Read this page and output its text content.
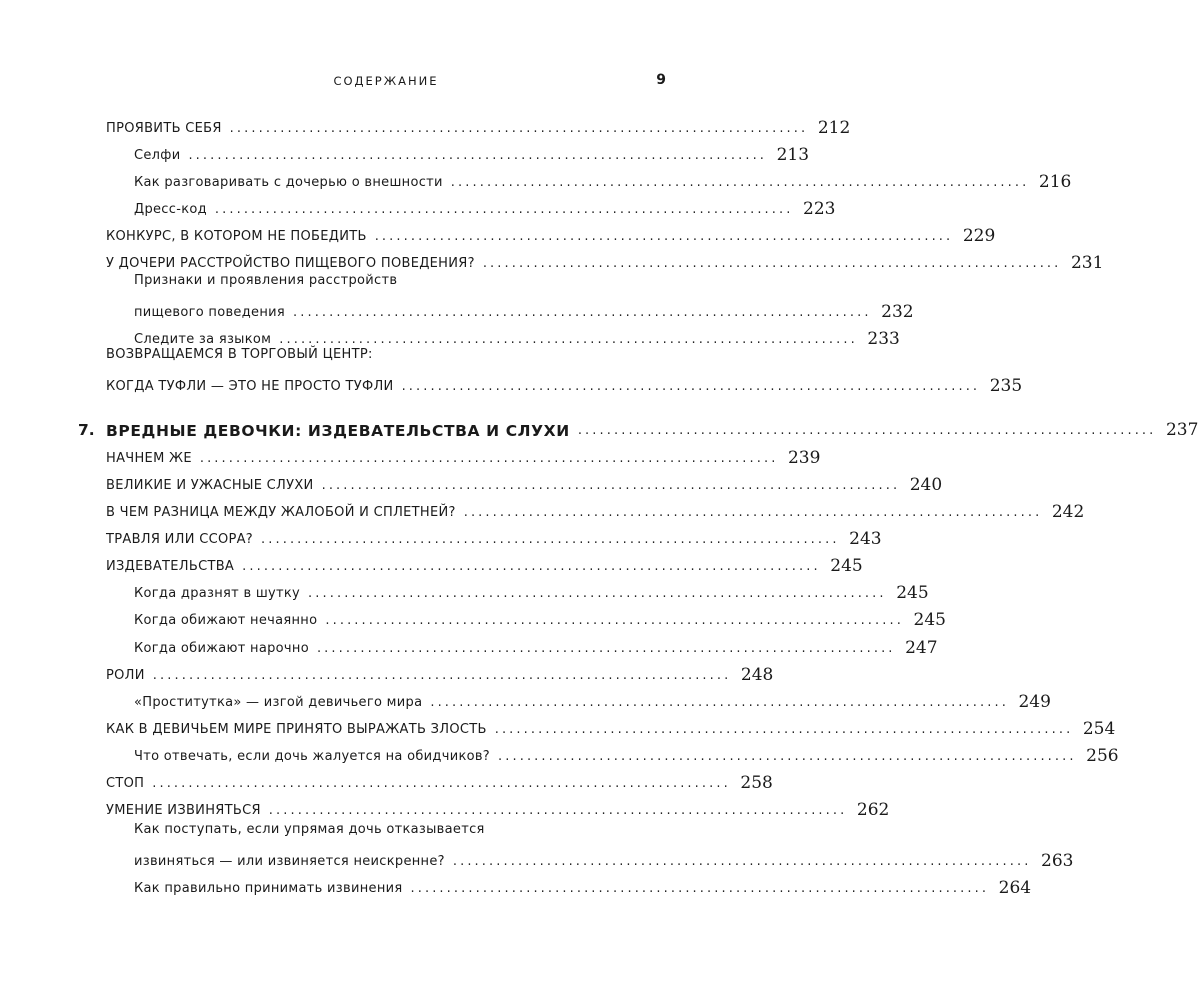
СОДЕРЖАНИЕ	9
ПРОЯВИТЬ СЕБЯ ................................................................................ 212
Селфи ................................................................................ 213
Как разговаривать с дочерью о внешности ................................................................................ 216
Дресс-код ................................................................................ 223
КОНКУРС, В КОТОРОМ НЕ ПОБЕДИТЬ ................................................................................ 229
У ДОЧЕРИ РАССТРОЙСТВО ПИЩЕВОГО ПОВЕДЕНИЯ? ................................................................................ 231
Признаки и проявления расстройств
пищевого поведения ................................................................................ 232
Следите за языком ................................................................................ 233
ВОЗВРАЩАЕМСЯ В ТОРГОВЫЙ ЦЕНТР:
КОГДА ТУФЛИ — ЭТО НЕ ПРОСТО ТУФЛИ ................................................................................ 235
7. ВРЕДНЫЕ ДЕВОЧКИ: ИЗДЕВАТЕЛЬСТВА И СЛУХИ ................................................................................ 237
НАЧНЕМ ЖЕ ................................................................................ 239
ВЕЛИКИЕ И УЖАСНЫЕ СЛУХИ ................................................................................ 240
В ЧЕМ РАЗНИЦА МЕЖДУ ЖАЛОБОЙ И СПЛЕТНЕЙ? ................................................................................ 242
ТРАВЛЯ ИЛИ ССОРА? ................................................................................ 243
ИЗДЕВАТЕЛЬСТВА ................................................................................ 245
Когда дразнят в шутку ................................................................................ 245
Когда обижают нечаянно ................................................................................ 245
Когда обижают нарочно ................................................................................ 247
РОЛИ ................................................................................ 248
«Проститутка» — изгой девичьего мира ................................................................................ 249
КАК В ДЕВИЧЬЕМ МИРЕ ПРИНЯТО ВЫРАЖАТЬ ЗЛОСТЬ ................................................................................ 254
Что отвечать, если дочь жалуется на обидчиков? ................................................................................ 256
СТОП ................................................................................ 258
УМЕНИЕ ИЗВИНЯТЬСЯ ................................................................................ 262
Как поступать, если упрямая дочь отказывается
извиняться — или извиняется неискренне? ................................................................................ 263
Как правильно принимать извинения ................................................................................ 264
